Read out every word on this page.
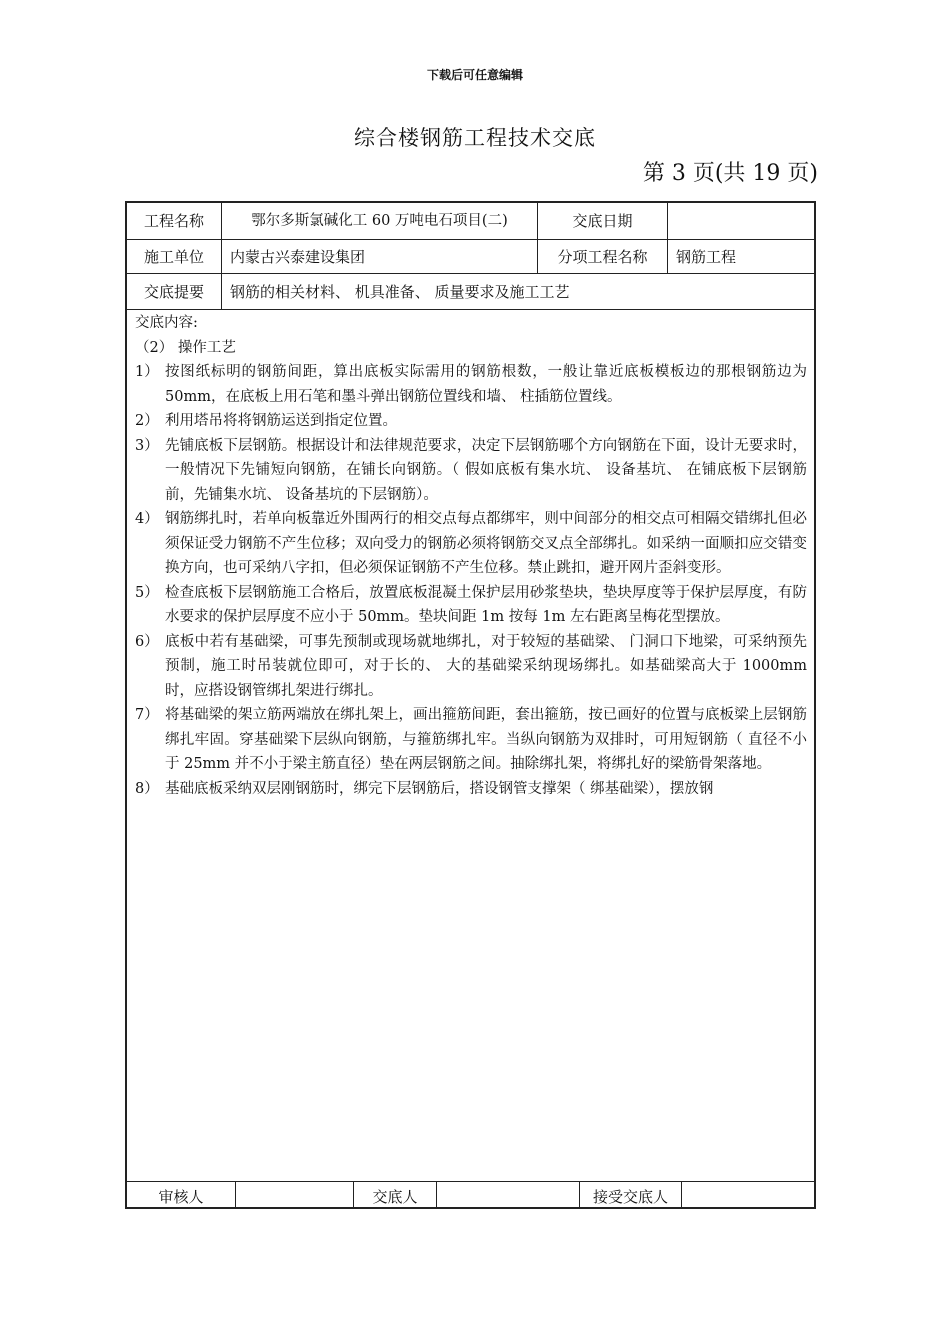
下载后可任意编辑
综合楼钢筋工程技术交底
第 3 页(共 19 页)
工程名称	鄂尔多斯氯碱化工 60 万吨电石项目(二)	交底日期
施工单位	内蒙古兴泰建设集团	分项工程名称	钢筋工程
交底提要	钢筋的相关材料、 机具准备、 质量要求及施工工艺
交底内容:
（2） 操作工艺
1） 按图纸标明的钢筋间距，算出底板实际需用的钢筋根数，一般让靠近底板模板边的那根钢筋边为 50mm，在底板上用石笔和墨斗弹出钢筋位置线和墙、 柱插筋位置线。
2） 利用塔吊将将钢筋运送到指定位置。
3） 先铺底板下层钢筋。根据设计和法律规范要求，决定下层钢筋哪个方向钢筋在下面，设计无要求时，一般情况下先铺短向钢筋，在铺长向钢筋。（ 假如底板有集水坑、 设备基坑、 在铺底板下层钢筋前，先铺集水坑、 设备基坑的下层钢筋）。
4） 钢筋绑扎时，若单向板靠近外围两行的相交点每点都绑牢，则中间部分的相交点可相隔交错绑扎但必须保证受力钢筋不产生位移；双向受力的钢筋必须将钢筋交叉点全部绑扎。如采纳一面顺扣应交错变换方向，也可采纳八字扣，但必须保证钢筋不产生位移。禁止跳扣，避开网片歪斜变形。
5） 检查底板下层钢筋施工合格后，放置底板混凝土保护层用砂浆垫块，垫块厚度等于保护层厚度，有防水要求的保护层厚度不应小于 50mm。垫块间距 1m 按每 1m 左右距离呈梅花型摆放。
6） 底板中若有基础梁，可事先预制或现场就地绑扎，对于较短的基础梁、 门洞口下地梁，可采纳预先预制，施工时吊装就位即可，对于长的、 大的基础梁采纳现场绑扎。如基础梁高大于 1000mm 时，应搭设钢管绑扎架进行绑扎。
7） 将基础梁的架立筋两端放在绑扎架上，画出箍筋间距，套出箍筋，按已画好的位置与底板梁上层钢筋绑扎牢固。穿基础梁下层纵向钢筋，与箍筋绑扎牢。当纵向钢筋为双排时，可用短钢筋（ 直径不小于 25mm 并不小于梁主筋直径）垫在两层钢筋之间。抽除绑扎架，将绑扎好的梁筋骨架落地。
8） 基础底板采纳双层刚钢筋时，绑完下层钢筋后，搭设钢管支撑架（ 绑基础梁），摆放钢
审核人	交底人	接受交底人
